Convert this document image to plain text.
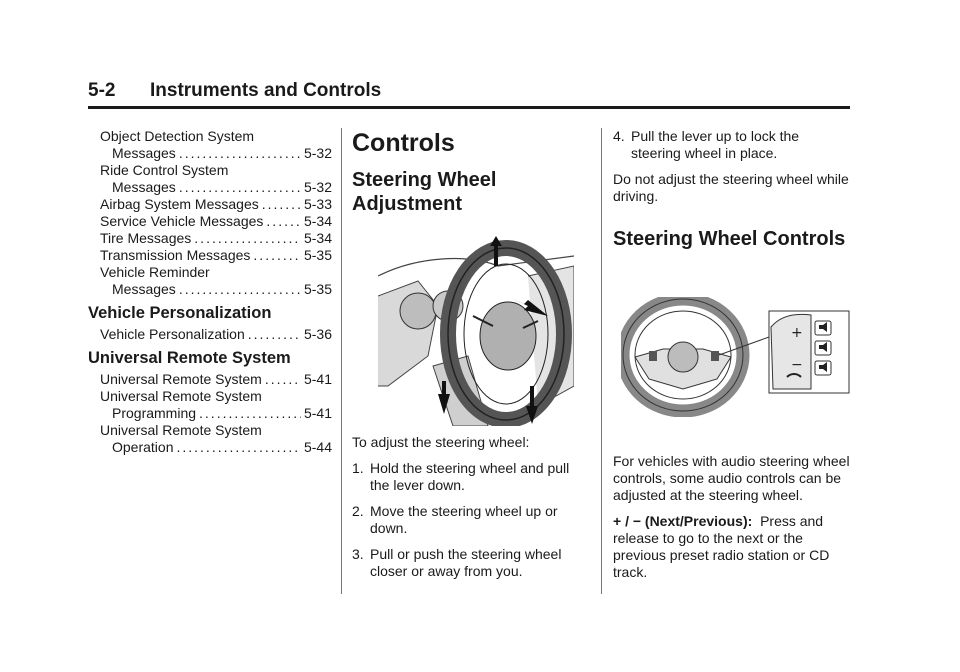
5-2 Instruments and Controls
Object Detection System
Messages .....	5-32
Ride Control System
Messages .....	5-32
Airbag System Messages .....	5-33
Service Vehicle Messages .....	5-34
Tire Messages .....	5-34
Transmission Messages .....	5-35
Vehicle Reminder
Messages .....	5-35
Vehicle Personalization
Vehicle Personalization .....	5-36
Universal Remote System
Universal Remote System .....	5-41
Universal Remote System
Programming .....	5-41
Universal Remote System
Operation .....	5-44
Controls
Steering Wheel
Adjustment

To adjust the steering wheel:

1. Hold the steering wheel and pull the lever down.
2. Move the steering wheel up or down.
3. Pull or push the steering wheel closer or away from you.
4. Pull the lever up to lock the steering wheel in place.

Do not adjust the steering wheel while driving.

Steering Wheel Controls
+
−

For vehicles with audio steering wheel controls, some audio controls can be adjusted at the steering wheel.

+ / − (Next/Previous): Press and release to go to the next or the previous preset radio station or CD track.
